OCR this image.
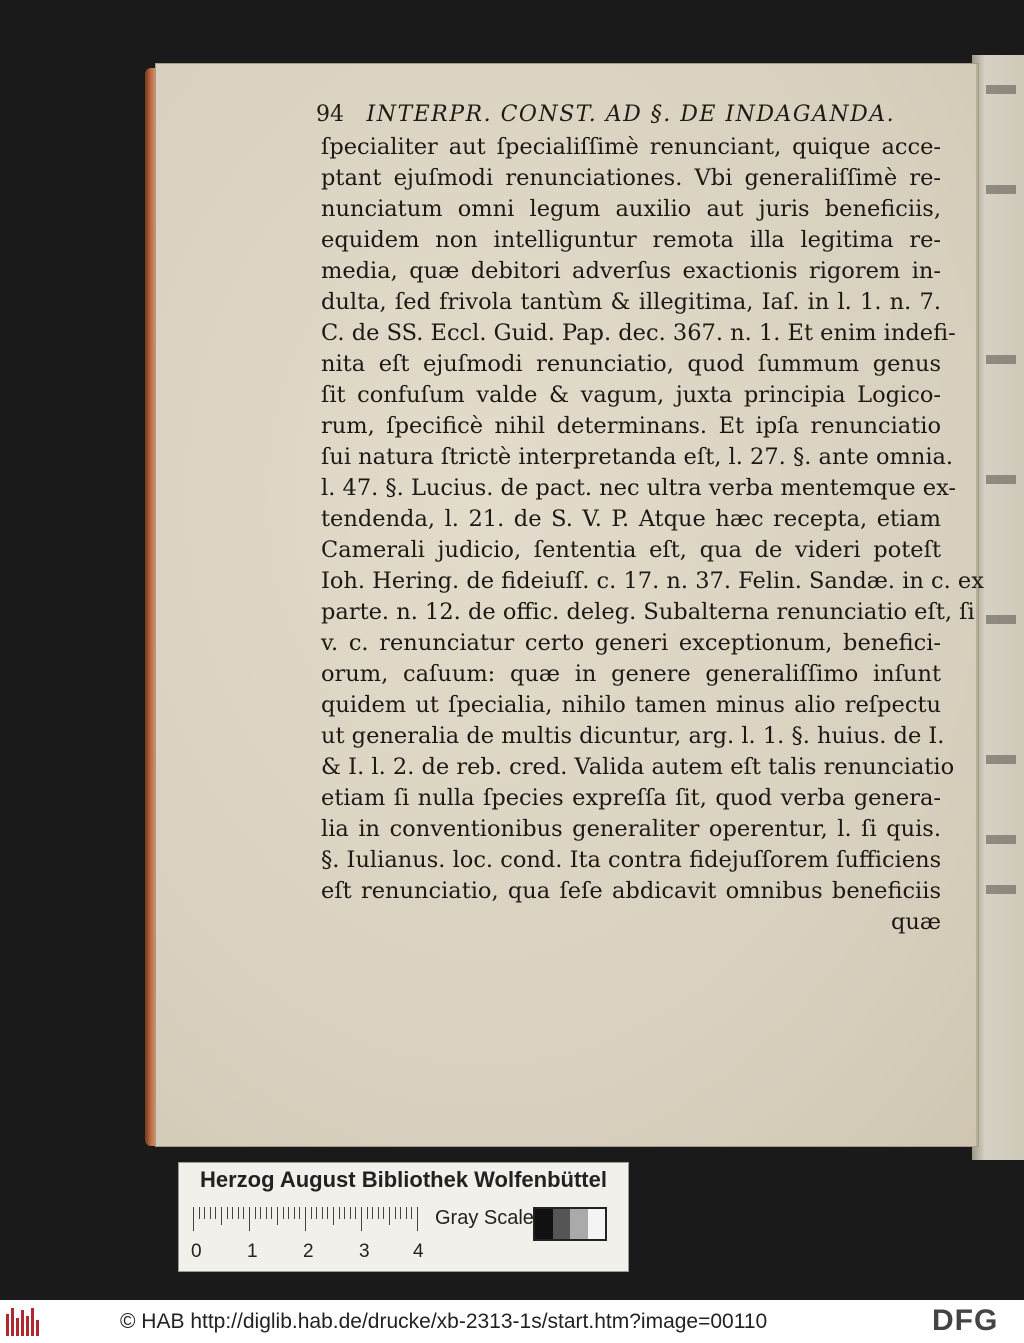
94 INTERPR. CONST. AD §. DE INDAGANDA.
ſpecialiter aut ſpecialiſſimè renunciant, quique acce-
ptant ejuſmodi renunciationes. Vbi generaliſſimè re-
nunciatum omni legum auxilio aut juris beneficiis,
equidem non intelliguntur remota illa legitima re-
media, quæ debitori adverſus exactionis rigorem in-
dulta, ſed frivola tantùm & illegitima, Iaſ. in l. 1. n. 7.
C. de SS. Eccl. Guid. Pap. dec. 367. n. 1. Et enim indefi-
nita eſt ejuſmodi renunciatio, quod ſummum genus
ſit confuſum valde & vagum, juxta principia Logico-
rum, ſpecificè nihil determinans. Et ipſa renunciatio
ſui natura ſtrictè interpretanda eſt, l. 27. §. ante omnia.
l. 47. §. Lucius. de pact. nec ultra verba mentemque ex-
tendenda, l. 21. de S. V. P. Atque hæc recepta, etiam
Camerali judicio, ſententia eſt, qua de videri poteſt
Ioh. Hering. de fideiuſſ. c. 17. n. 37. Felin. Sandæ. in c. ex
parte. n. 12. de offic. deleg. Subalterna renunciatio eſt, ſi
v. c. renunciatur certo generi exceptionum, benefici-
orum, caſuum: quæ in genere generaliſſimo inſunt
quidem ut ſpecialia, nihilo tamen minus alio reſpectu
ut generalia de multis dicuntur, arg. l. 1. §. huius. de I.
& I. l. 2. de reb. cred. Valida autem eſt talis renunciatio
etiam ſi nulla ſpecies expreſſa ſit, quod verba genera-
lia in conventionibus generaliter operentur, l. ſi quis.
§. Iulianus. loc. cond. Ita contra fidejuſſorem ſufficiens
eſt renunciatio, qua ſeſe abdicavit omnibus beneficiis
quæ
Herzog August Bibliothek Wolfenbüttel
Gray Scale
0 1 2 3 4
© HAB http://diglib.hab.de/drucke/xb-2313-1s/start.htm?image=00110	DFG
